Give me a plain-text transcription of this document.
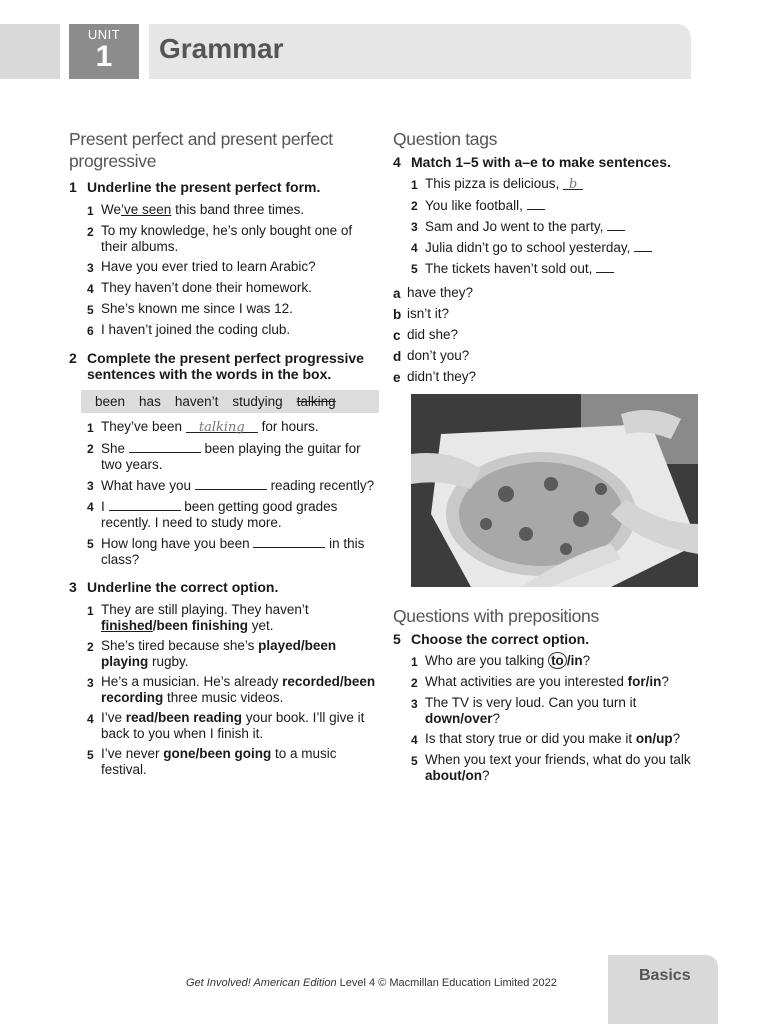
UNIT
1	Grammar
Present perfect and present perfect progressive
1 Underline the present perfect form.
1 We’ve seen this band three times.
2 To my knowledge, he’s only bought one of their albums.
3 Have you ever tried to learn Arabic?
4 They haven’t done their homework.
5 She’s known me since I was 12.
6 I haven’t joined the coding club.
2 Complete the present perfect progressive sentences with the words in the box.
been has haven’t studying talking
1 They’ve been talking for hours.
2 She	been playing the guitar for two years.
3 What have you	reading recently?
4 I	been getting good grades recently. I need to study more.
5 How long have you been	in this class?
3 Underline the correct option.
1 They are still playing. They haven’t finished/been finishing yet.
2 She’s tired because she’s played/been playing rugby.
3 He’s a musician. He’s already recorded/been recording three music videos.
4 I’ve read/been reading your book. I’ll give it back to you when I finish it.
5 I’ve never gone/been going to a music festival.
Question tags
4 Match 1–5 with a–e to make sentences.
1 This pizza is delicious, b
2 You like football,
3 Sam and Jo went to the party,
4 Julia didn’t go to school yesterday,
5 The tickets haven’t sold out,
a have they?
b isn’t it?
c did she?
d don’t you?
e didn’t they?
Questions with prepositions
5 Choose the correct option.
1 Who are you talking to /in?
2 What activities are you interested for/in?
3 The TV is very loud. Can you turn it down/over?
4 Is that story true or did you make it on/up?
5 When you text your friends, what do you talk about/on?
Get Involved! American Edition Level 4 © Macmillan Education Limited 2022	Basics
